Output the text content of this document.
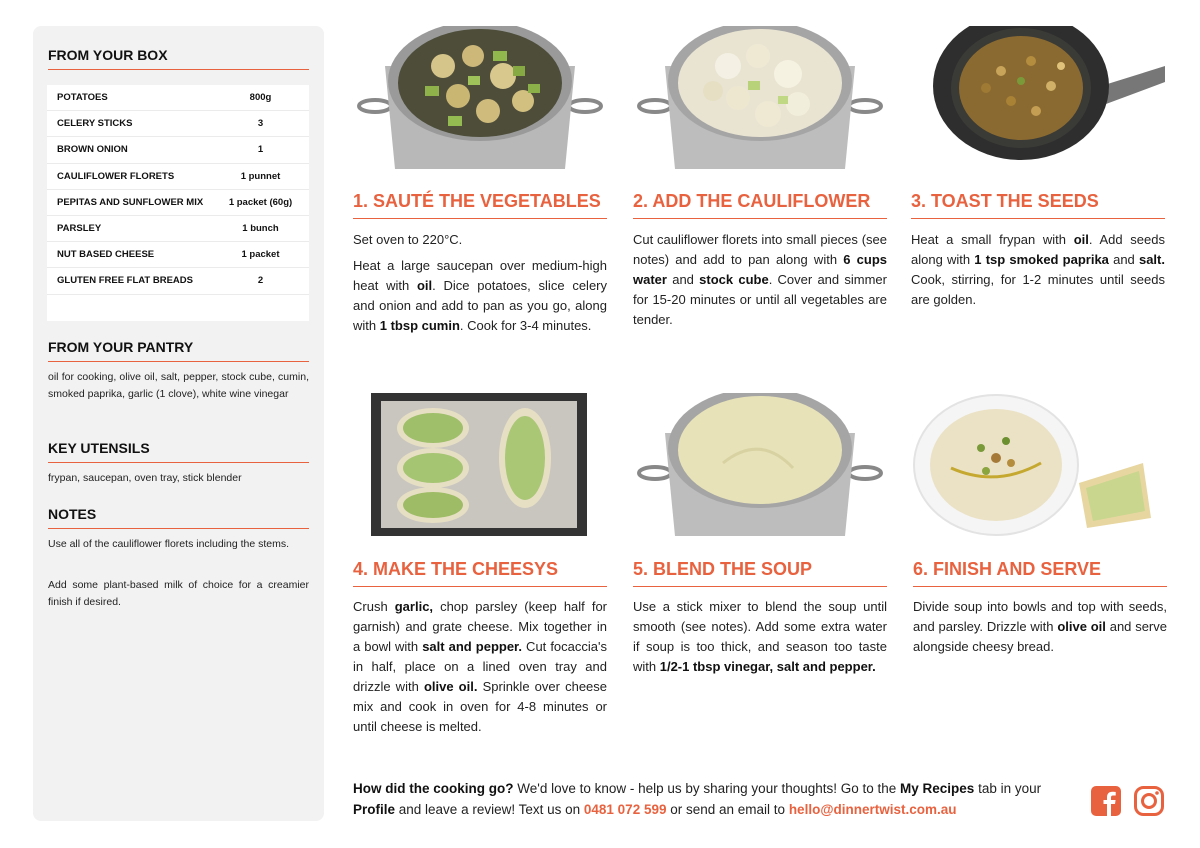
FROM YOUR BOX
POTATOES	800g
CELERY STICKS	3
BROWN ONION	1
CAULIFLOWER FLORETS	1 punnet
PEPITAS AND SUNFLOWER MIX	1 packet (60g)
PARSLEY	1 bunch
NUT BASED CHEESE	1 packet
GLUTEN FREE FLAT BREADS	2
FROM YOUR PANTRY
oil for cooking, olive oil, salt, pepper, stock cube, cumin, smoked paprika, garlic (1 clove), white wine vinegar
KEY UTENSILS
frypan, saucepan, oven tray, stick blender
NOTES
Use all of the cauliflower florets including the stems.
Add some plant-based milk of choice for a creamier finish if desired.
1. SAUTÉ THE VEGETABLES	2. ADD THE CAULIFLOWER	3. TOAST THE SEEDS
4. MAKE THE CHEESYS	5. BLEND THE SOUP	6. FINISH AND SERVE

Set oven to 220°C.

Heat a large saucepan over medium-high heat with oil. Dice potatoes, slice celery and onion and add to pan as you go, along with 1 tbsp cumin. Cook for 3-4 minutes.

Cut cauliflower florets into small pieces (see notes) and add to pan along with 6 cups water and stock cube. Cover and simmer for 15-20 minutes or until all vegetables are tender.

Heat a small frypan with oil. Add seeds along with 1 tsp smoked paprika and salt. Cook, stirring, for 1-2 minutes until seeds are golden.

Crush garlic, chop parsley (keep half for garnish) and grate cheese. Mix together in a bowl with salt and pepper. Cut focaccia's in half, place on a lined oven tray and drizzle with olive oil. Sprinkle over cheese mix and cook in oven for 4-8 minutes or until cheese is melted.

Use a stick mixer to blend the soup until smooth (see notes). Add some extra water if soup is too thick, and season too taste with 1/2-1 tbsp vinegar, salt and pepper.

Divide soup into bowls and top with seeds, and parsley. Drizzle with olive oil and serve alongside cheesy bread.

How did the cooking go? We'd love to know - help us by sharing your thoughts! Go to the My Recipes tab in your Profile and leave a review! Text us on 0481 072 599 or send an email to hello@dinnertwist.com.au
